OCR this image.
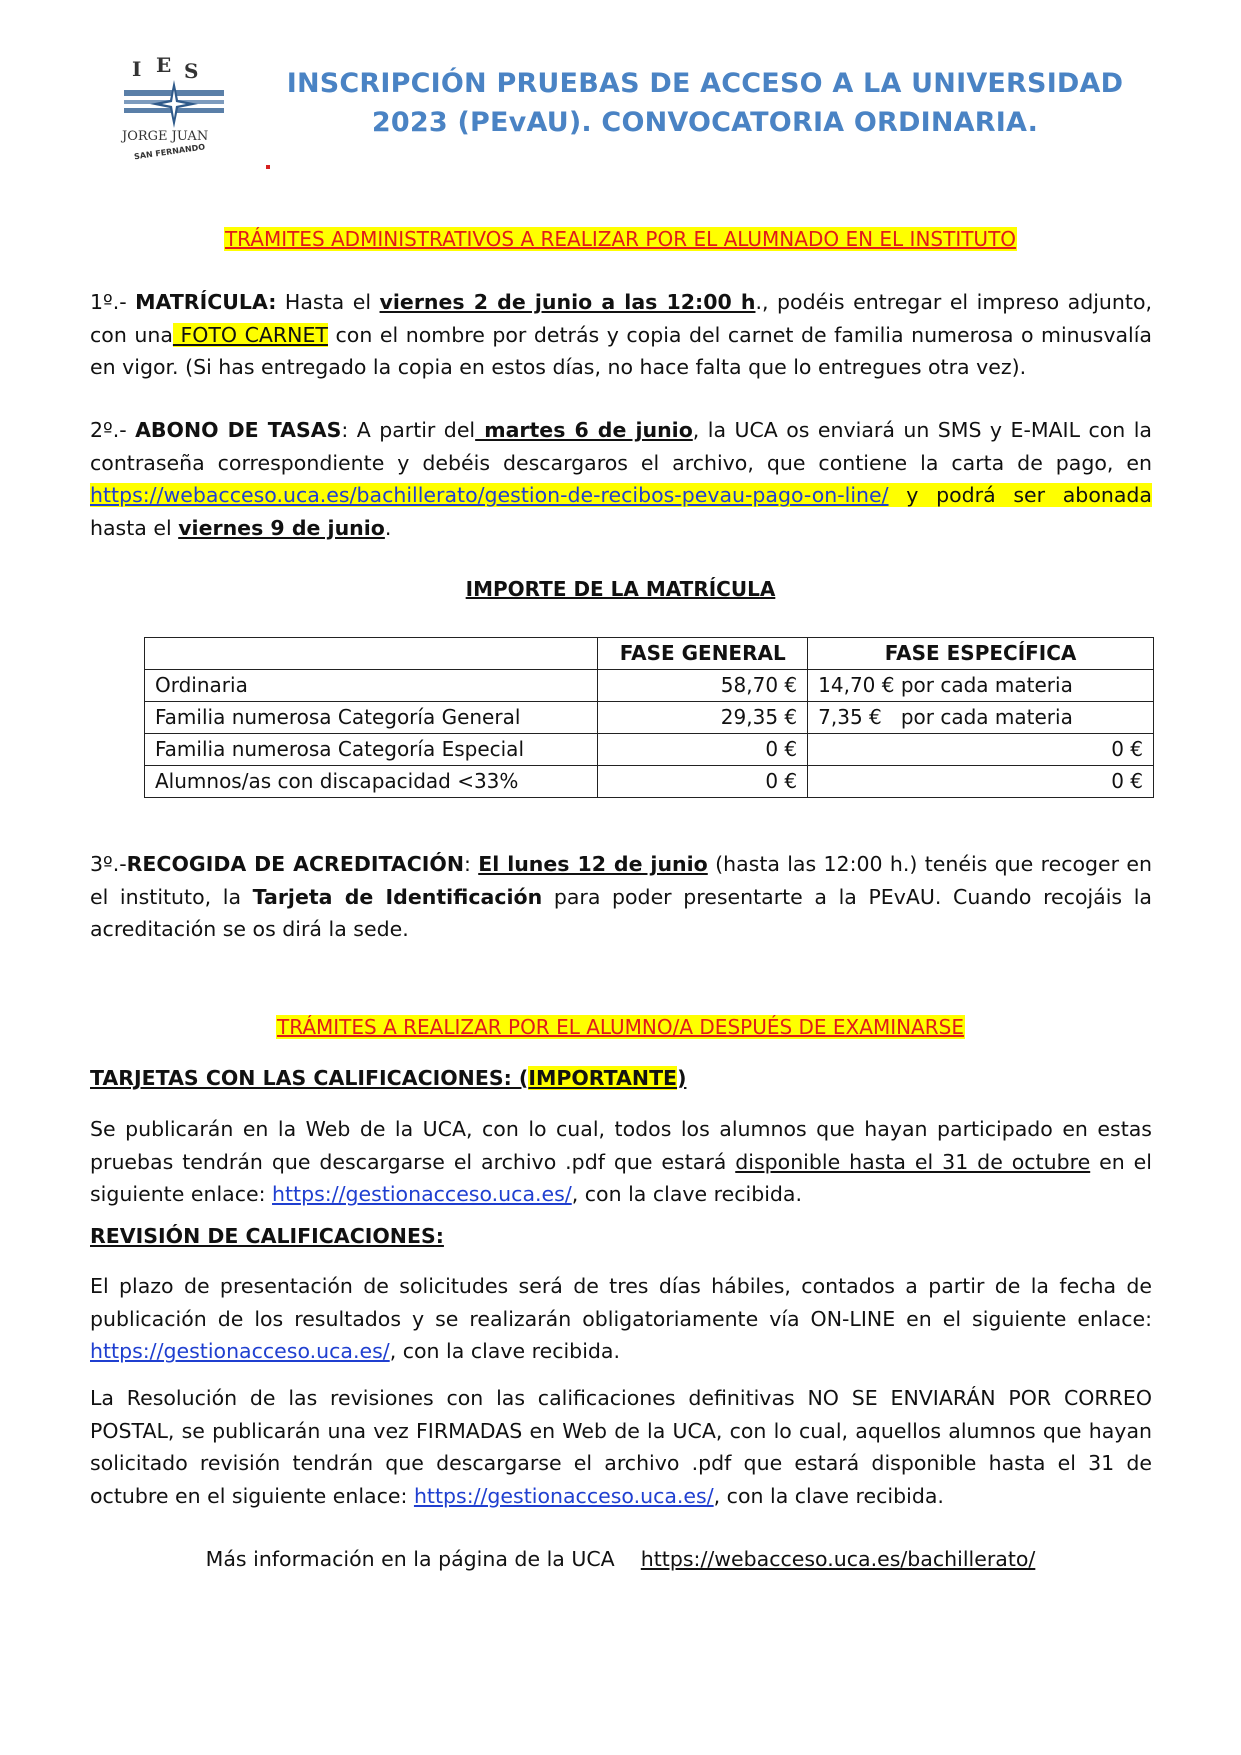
I E S
JORGE JUAN
SAN FERNANDO
INSCRIPCIÓN PRUEBAS DE ACCESO A LA UNIVERSIDAD
2023 (PEvAU). CONVOCATORIA ORDINARIA.
TRÁMITES ADMINISTRATIVOS A REALIZAR POR EL ALUMNADO EN EL INSTITUTO

1º.- MATRÍCULA: Hasta el viernes 2 de junio a las 12:00 h., podéis entregar el impreso adjunto, con una FOTO CARNET con el nombre por detrás y copia del carnet de familia numerosa o minusvalía en vigor. (Si has entregado la copia en estos días, no hace falta que lo entregues otra vez).

2º.- ABONO DE TASAS: A partir del martes 6 de junio, la UCA os enviará un SMS y E-MAIL con la contraseña correspondiente y debéis descargaros el archivo, que contiene la carta de pago, en https://webacceso.uca.es/bachillerato/gestion-de-recibos-pevau-pago-on-line/ y podrá ser abonada hasta el viernes 9 de junio.

IMPORTE DE LA MATRÍCULA
	FASE GENERAL	FASE ESPECÍFICA
Ordinaria	58,70 €	14,70 € por cada materia
Familia numerosa Categoría General	29,35 €	7,35 €   por cada materia
Familia numerosa Categoría Especial	0 €	0 €
Alumnos/as con discapacidad <33%	0 €	0 €

3º.-RECOGIDA DE ACREDITACIÓN: El lunes 12 de junio (hasta las 12:00 h.) tenéis que recoger en el instituto, la Tarjeta de Identificación para poder presentarte a la PEvAU. Cuando recojáis la acreditación se os dirá la sede.

TRÁMITES A REALIZAR POR EL ALUMNO/A DESPUÉS DE EXAMINARSE
TARJETAS CON LAS CALIFICACIONES: (IMPORTANTE)

Se publicarán en la Web de la UCA, con lo cual, todos los alumnos que hayan participado en estas pruebas tendrán que descargarse el archivo .pdf que estará disponible hasta el 31 de octubre en el siguiente enlace: https://gestionacceso.uca.es/, con la clave recibida.

REVISIÓN DE CALIFICACIONES:

El plazo de presentación de solicitudes será de tres días hábiles, contados a partir de la fecha de publicación de los resultados y se realizarán obligatoriamente vía ON-LINE en el siguiente enlace: https://gestionacceso.uca.es/, con la clave recibida.

La Resolución de las revisiones con las calificaciones definitivas NO SE ENVIARÁN POR CORREO POSTAL, se publicarán una vez FIRMADAS en Web de la UCA, con lo cual, aquellos alumnos que hayan solicitado revisión tendrán que descargarse el archivo .pdf que estará disponible hasta el 31 de octubre en el siguiente enlace: https://gestionacceso.uca.es/, con la clave recibida.

Más información en la página de la UCA https://webacceso.uca.es/bachillerato/
